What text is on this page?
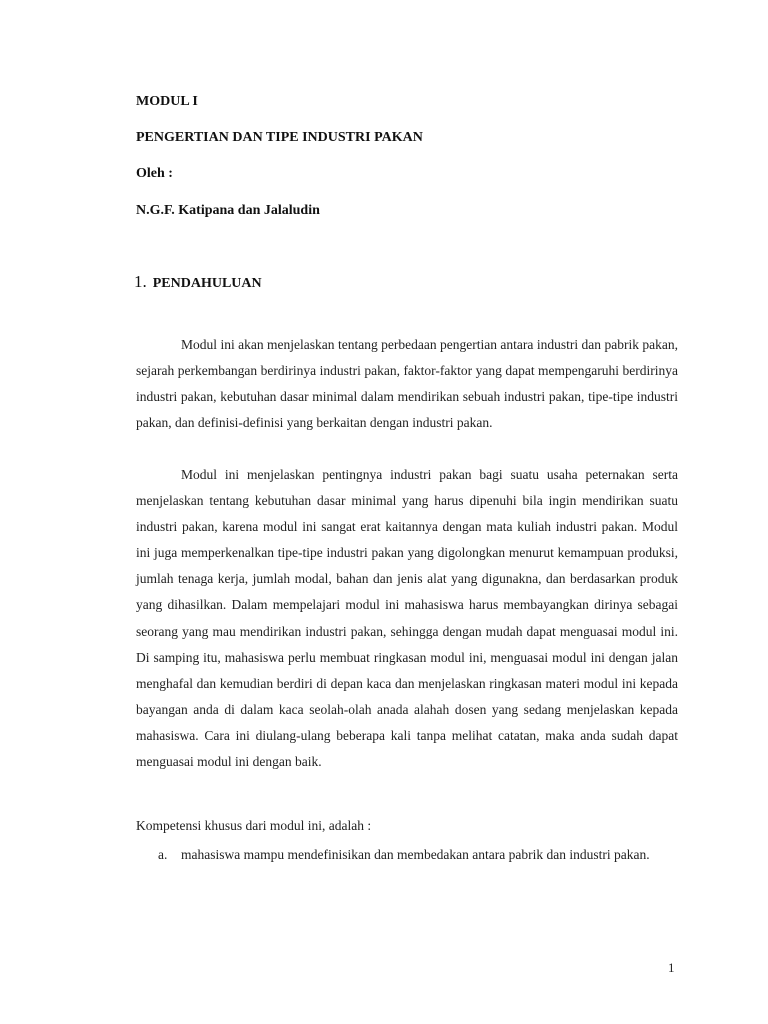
MODUL I
PENGERTIAN DAN TIPE INDUSTRI PAKAN
Oleh :
N.G.F. Katipana dan Jalaludin
1. PENDAHULUAN

Modul ini akan menjelaskan tentang perbedaan pengertian antara industri dan pabrik pakan, sejarah perkembangan berdirinya industri pakan, faktor-faktor yang dapat mempengaruhi berdirinya industri pakan, kebutuhan dasar minimal dalam mendirikan sebuah industri pakan, tipe-tipe industri pakan, dan definisi-definisi yang berkaitan dengan industri pakan.

Modul ini menjelaskan pentingnya industri pakan bagi suatu usaha peternakan serta menjelaskan tentang kebutuhan dasar minimal yang harus dipenuhi bila ingin mendirikan suatu industri pakan, karena modul ini sangat erat kaitannya dengan mata kuliah industri pakan. Modul ini juga memperkenalkan tipe-tipe industri pakan yang digolongkan menurut kemampuan produksi, jumlah tenaga kerja, jumlah modal, bahan dan jenis alat yang digunakna, dan berdasarkan produk yang dihasilkan. Dalam mempelajari modul ini mahasiswa harus membayangkan dirinya sebagai seorang yang mau mendirikan industri pakan, sehingga dengan mudah dapat menguasai modul ini. Di samping itu, mahasiswa perlu membuat ringkasan modul ini, menguasai modul ini dengan jalan menghafal dan kemudian berdiri di depan kaca dan menjelaskan ringkasan materi modul ini kepada bayangan anda di dalam kaca seolah-olah anada alahah dosen yang sedang menjelaskan kepada mahasiswa. Cara ini diulang-ulang beberapa kali tanpa melihat catatan, maka anda sudah dapat menguasai modul ini dengan baik.

Kompetensi khusus dari modul ini, adalah :
a. mahasiswa mampu mendefinisikan dan membedakan antara pabrik dan industri pakan.
1
